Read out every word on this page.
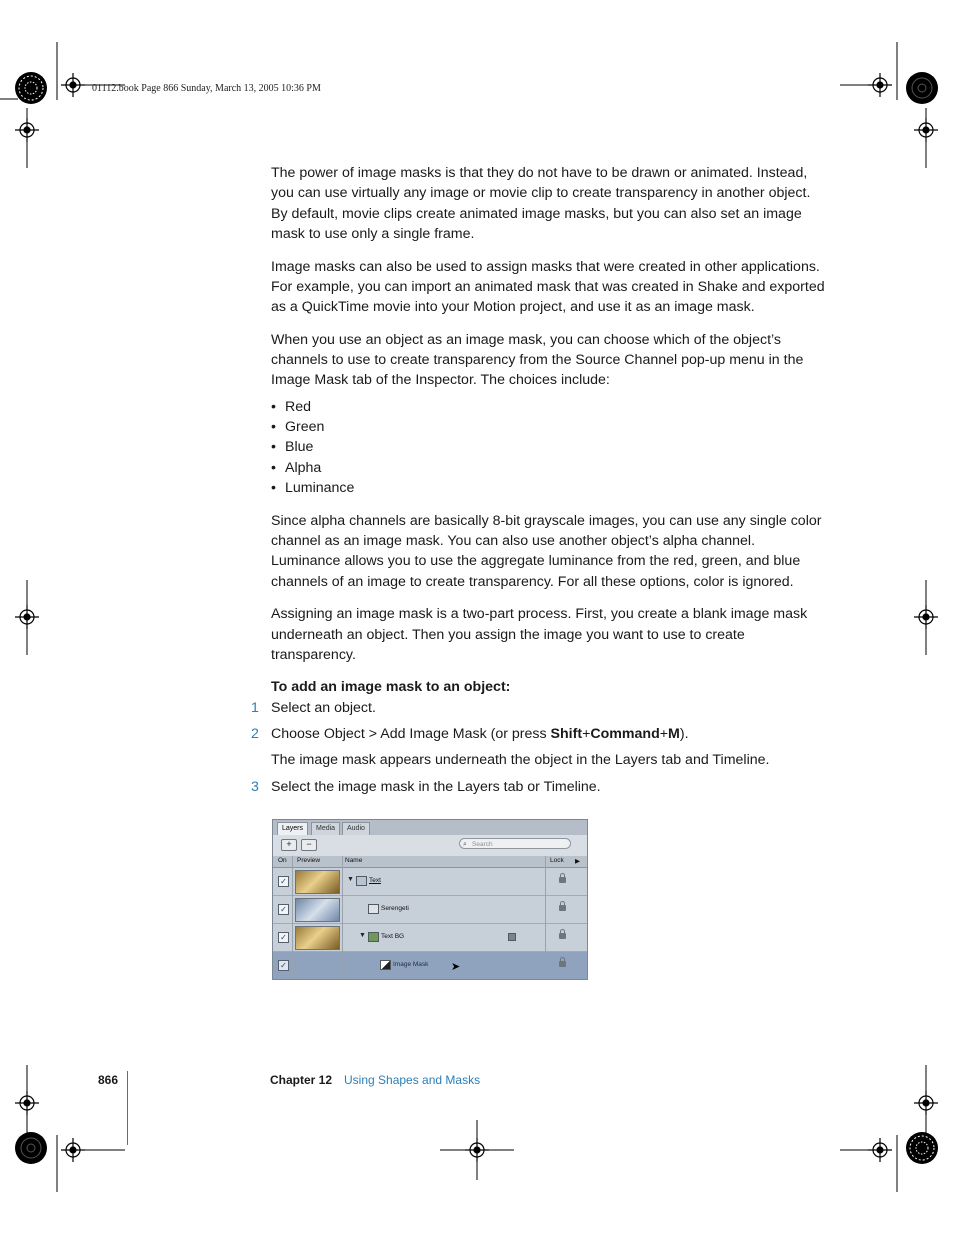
01112.book Page 866 Sunday, March 13, 2005 10:36 PM

The power of image masks is that they do not have to be drawn or animated. Instead, you can use virtually any image or movie clip to create transparency in another object. By default, movie clips create animated image masks, but you can also set an image mask to use only a single frame.

Image masks can also be used to assign masks that were created in other applications. For example, you can import an animated mask that was created in Shake and exported as a QuickTime movie into your Motion project, and use it as an image mask.

When you use an object as an image mask, you can choose which of the object’s channels to use to create transparency from the Source Channel pop-up menu in the Image Mask tab of the Inspector. The choices include:

• Red
• Green
• Blue
• Alpha
• Luminance

Since alpha channels are basically 8-bit grayscale images, you can use any single color channel as an image mask. You can also use another object’s alpha channel. Luminance allows you to use the aggregate luminance from the red, green, and blue channels of an image to create transparency. For all these options, color is ignored.

Assigning an image mask is a two-part process. First, you create a blank image mask underneath an object. Then you assign the image you want to use to create transparency.

To add an image mask to an object:

1 Select an object.

2 Choose Object > Add Image Mask (or press Shift+Command+M).

The image mask appears underneath the object in the Layers tab and Timeline.

3 Select the image mask in the Layers tab or Timeline.

Layers	Media	Audio
+	−	⌕ Search
On Preview	Name	Lock ▶
✓	▼ Text
✓	Serengeti
✓	▼ Text BG
✓	Image Mask ➤
866	Chapter 12 Using Shapes and Masks
